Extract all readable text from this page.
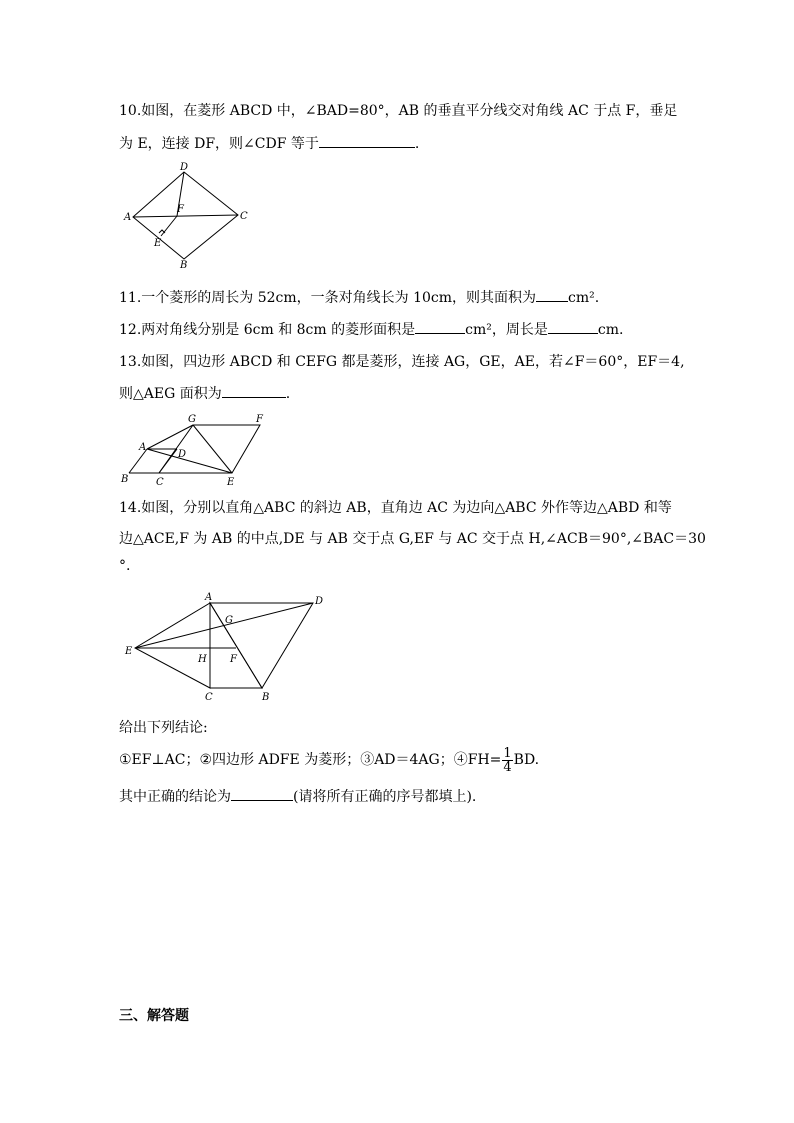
10.如图，在菱形 ABCD 中，∠BAD=80°，AB 的垂直平分线交对角线 AC 于点 F，垂足
为 E，连接 DF，则∠CDF 等于	.
D
A	C
F
E
B
11.一个菱形的周长为 52cm，一条对角线长为 10cm，则其面积为 cm².
12.两对角线分别是 6cm 和 8cm 的菱形面积是	cm²，周长是	cm.
13.如图，四边形 ABCD 和 CEFG 都是菱形，连接 AG，GE，AE，若∠F＝60°，EF＝4,
则△AEG 面积为	.
G	F
A
D
B	C	E
14.如图，分别以直角△ABC 的斜边 AB，直角边 AC 为边向△ABC 外作等边△ABD 和等
边△ACE,F 为 AB 的中点,DE 与 AB 交于点 G,EF 与 AC 交于点 H,∠ACB＝90°,∠BAC＝30
°.
A	D
G
E
H F
C	B
给出下列结论:
①EF⊥AC；②四边形 ADFE 为菱形；③AD＝4AG；④FH= $\frac{1}{4}$ BD.
其中正确的结论为	(请将所有正确的序号都填上).
三、解答题
